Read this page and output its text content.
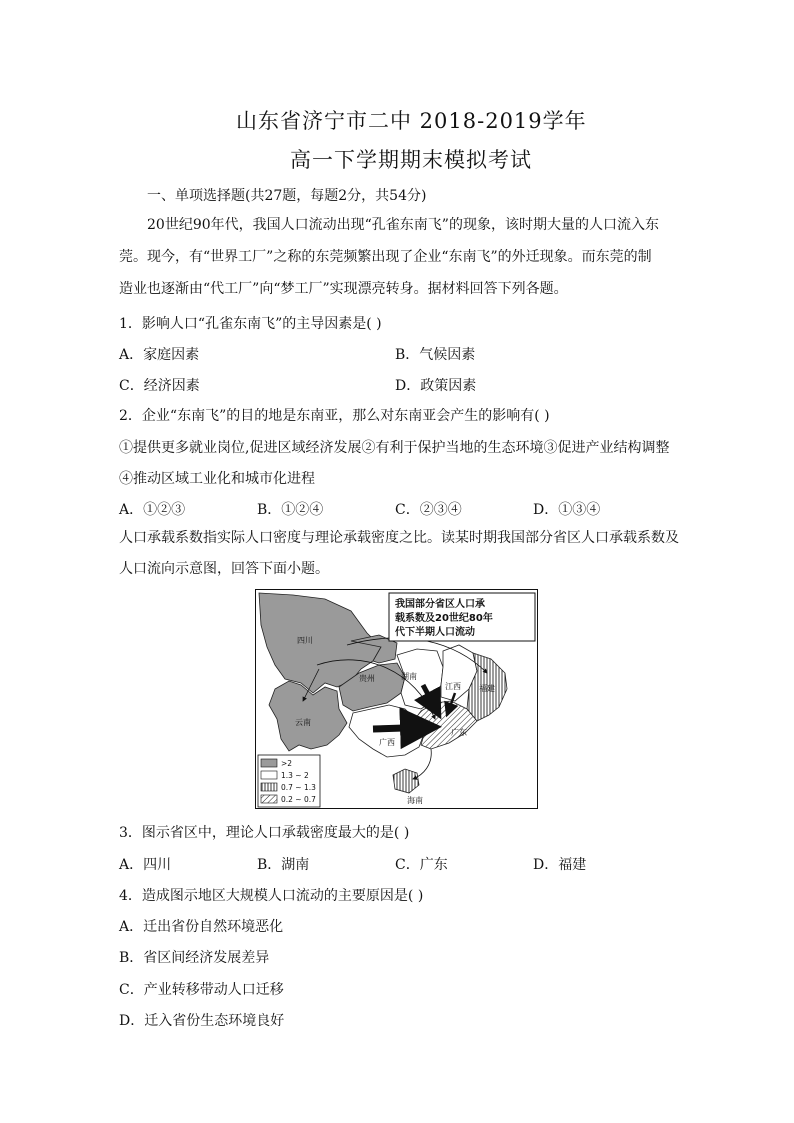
山东省济宁市二中 2018-2019学年
高一下学期期末模拟考试
一、单项选择题(共27题，每题2分，共54分)
20世纪90年代，我国人口流动出现“孔雀东南飞”的现象，该时期大量的人口流入东
莞。现今，有“世界工厂”之称的东莞频繁出现了企业“东南飞”的外迁现象。而东莞的制
造业也逐渐由“代工厂”向“梦工厂”实现漂亮转身。据材料回答下列各题。
1．影响人口“孔雀东南飞”的主导因素是( )
A．家庭因素	B．气候因素
C．经济因素	D．政策因素
2．企业“东南飞”的目的地是东南亚，那么对东南亚会产生的影响有( )
①提供更多就业岗位,促进区域经济发展②有利于保护当地的生态环境③促进产业结构调整
④推动区域工业化和城市化进程
A．①②③	B．①②④	C．②③④	D．①③④
人口承载系数指实际人口密度与理论承载密度之比。读某时期我国部分省区人口承载系数及
人口流向示意图，回答下面小题。
四川
贵州
云南
湖南
江西 福建
广西
广东
海南
我国部分省区人口承
载系数及20世纪80年
代下半期人口流动
>2
1.3 ~ 2
0.7 ~ 1.3
0.2 ~ 0.7
3．图示省区中，理论人口承载密度最大的是( )
A．四川	B．湖南	C．广东	D．福建
4．造成图示地区大规模人口流动的主要原因是( )
A．迁出省份自然环境恶化
B．省区间经济发展差异
C．产业转移带动人口迁移
D．迁入省份生态环境良好
